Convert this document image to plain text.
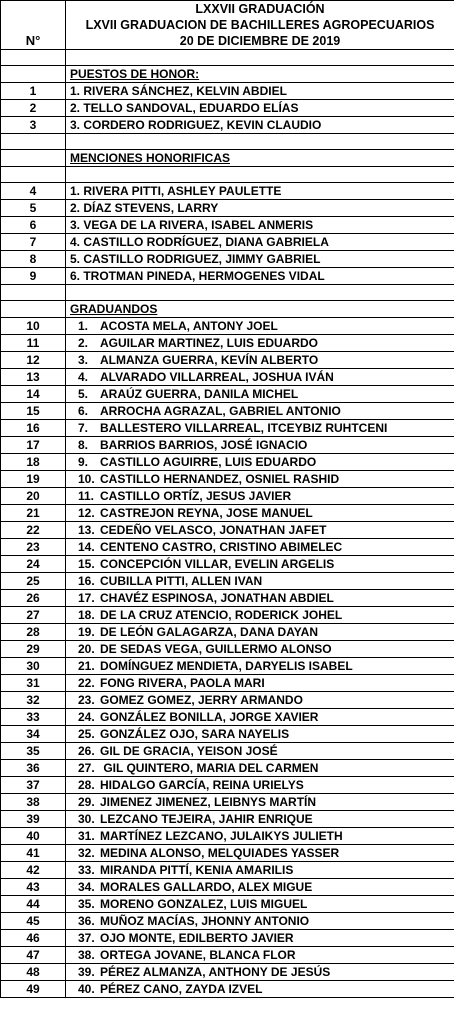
N°	LXXVII GRADUACIÓN
LXVII GRADUACION DE BACHILLERES AGROPECUARIOS
20 DE DICIEMBRE DE 2019

	PUESTOS DE HONOR:
1	1. RIVERA SÁNCHEZ, KELVIN ABDIEL
2	2. TELLO SANDOVAL, EDUARDO ELÍAS
3	3. CORDERO RODRIGUEZ, KEVIN CLAUDIO

	MENCIONES HONORIFICAS

4	1. RIVERA PITTI, ASHLEY PAULETTE
5	2. DÍAZ STEVENS, LARRY
6	3. VEGA DE LA RIVERA, ISABEL ANMERIS
7	4. CASTILLO RODRÍGUEZ, DIANA GABRIELA
8	5. CASTILLO RODRIGUEZ, JIMMY GABRIEL
9	6. TROTMAN PINEDA, HERMOGENES VIDAL

	GRADUANDOS
10	1. ACOSTA MELA, ANTONY JOEL
11	2. AGUILAR MARTINEZ, LUIS EDUARDO
12	3. ALMANZA GUERRA, KEVÍN ALBERTO
13	4. ALVARADO VILLARREAL, JOSHUA IVÁN
14	5. ARAÚZ GUERRA, DANILA MICHEL
15	6. ARROCHA AGRAZAL, GABRIEL ANTONIO
16	7. BALLESTERO VILLARREAL, ITCEYBIZ RUHTCENI
17	8. BARRIOS BARRIOS, JOSÉ IGNACIO
18	9. CASTILLO AGUIRRE, LUIS EDUARDO
19	10. CASTILLO HERNANDEZ, OSNIEL RASHID
20	11. CASTILLO ORTÍZ, JESUS JAVIER
21	12. CASTREJON REYNA, JOSE MANUEL
22	13. CEDEÑO VELASCO, JONATHAN JAFET
23	14. CENTENO CASTRO, CRISTINO ABIMELEC
24	15. CONCEPCIÓN VILLAR, EVELIN ARGELIS
25	16. CUBILLA PITTI, ALLEN IVAN
26	17. CHAVÉZ ESPINOSA, JONATHAN ABDIEL
27	18. DE LA CRUZ ATENCIO, RODERICK JOHEL
28	19. DE LEÓN GALAGARZA, DANA DAYAN
29	20. DE SEDAS VEGA, GUILLERMO ALONSO
30	21. DOMÍNGUEZ MENDIETA, DARYELIS ISABEL
31	22. FONG RIVERA, PAOLA MARI
32	23. GOMEZ GOMEZ, JERRY ARMANDO
33	24. GONZÁLEZ BONILLA, JORGE XAVIER
34	25. GONZÁLEZ OJO, SARA NAYELIS
35	26. GIL DE GRACIA, YEISON JOSÉ
36	27. GIL QUINTERO, MARIA DEL CARMEN
37	28. HIDALGO GARCÍA, REINA URIELYS
38	29. JIMENEZ JIMENEZ, LEIBNYS MARTÍN
39	30. LEZCANO TEJEIRA, JAHIR ENRIQUE
40	31. MARTÍNEZ LEZCANO, JULAIKYS JULIETH
41	32. MEDINA ALONSO, MELQUIADES YASSER
42	33. MIRANDA PITTÍ, KENIA AMARILIS
43	34. MORALES GALLARDO, ALEX MIGUE
44	35. MORENO GONZALEZ, LUIS MIGUEL
45	36. MUÑOZ MACÍAS, JHONNY ANTONIO
46	37. OJO MONTE, EDILBERTO JAVIER
47	38. ORTEGA JOVANE, BLANCA FLOR
48	39. PÉREZ ALMANZA, ANTHONY DE JESÚS
49	40. PÉREZ CANO, ZAYDA IZVEL
